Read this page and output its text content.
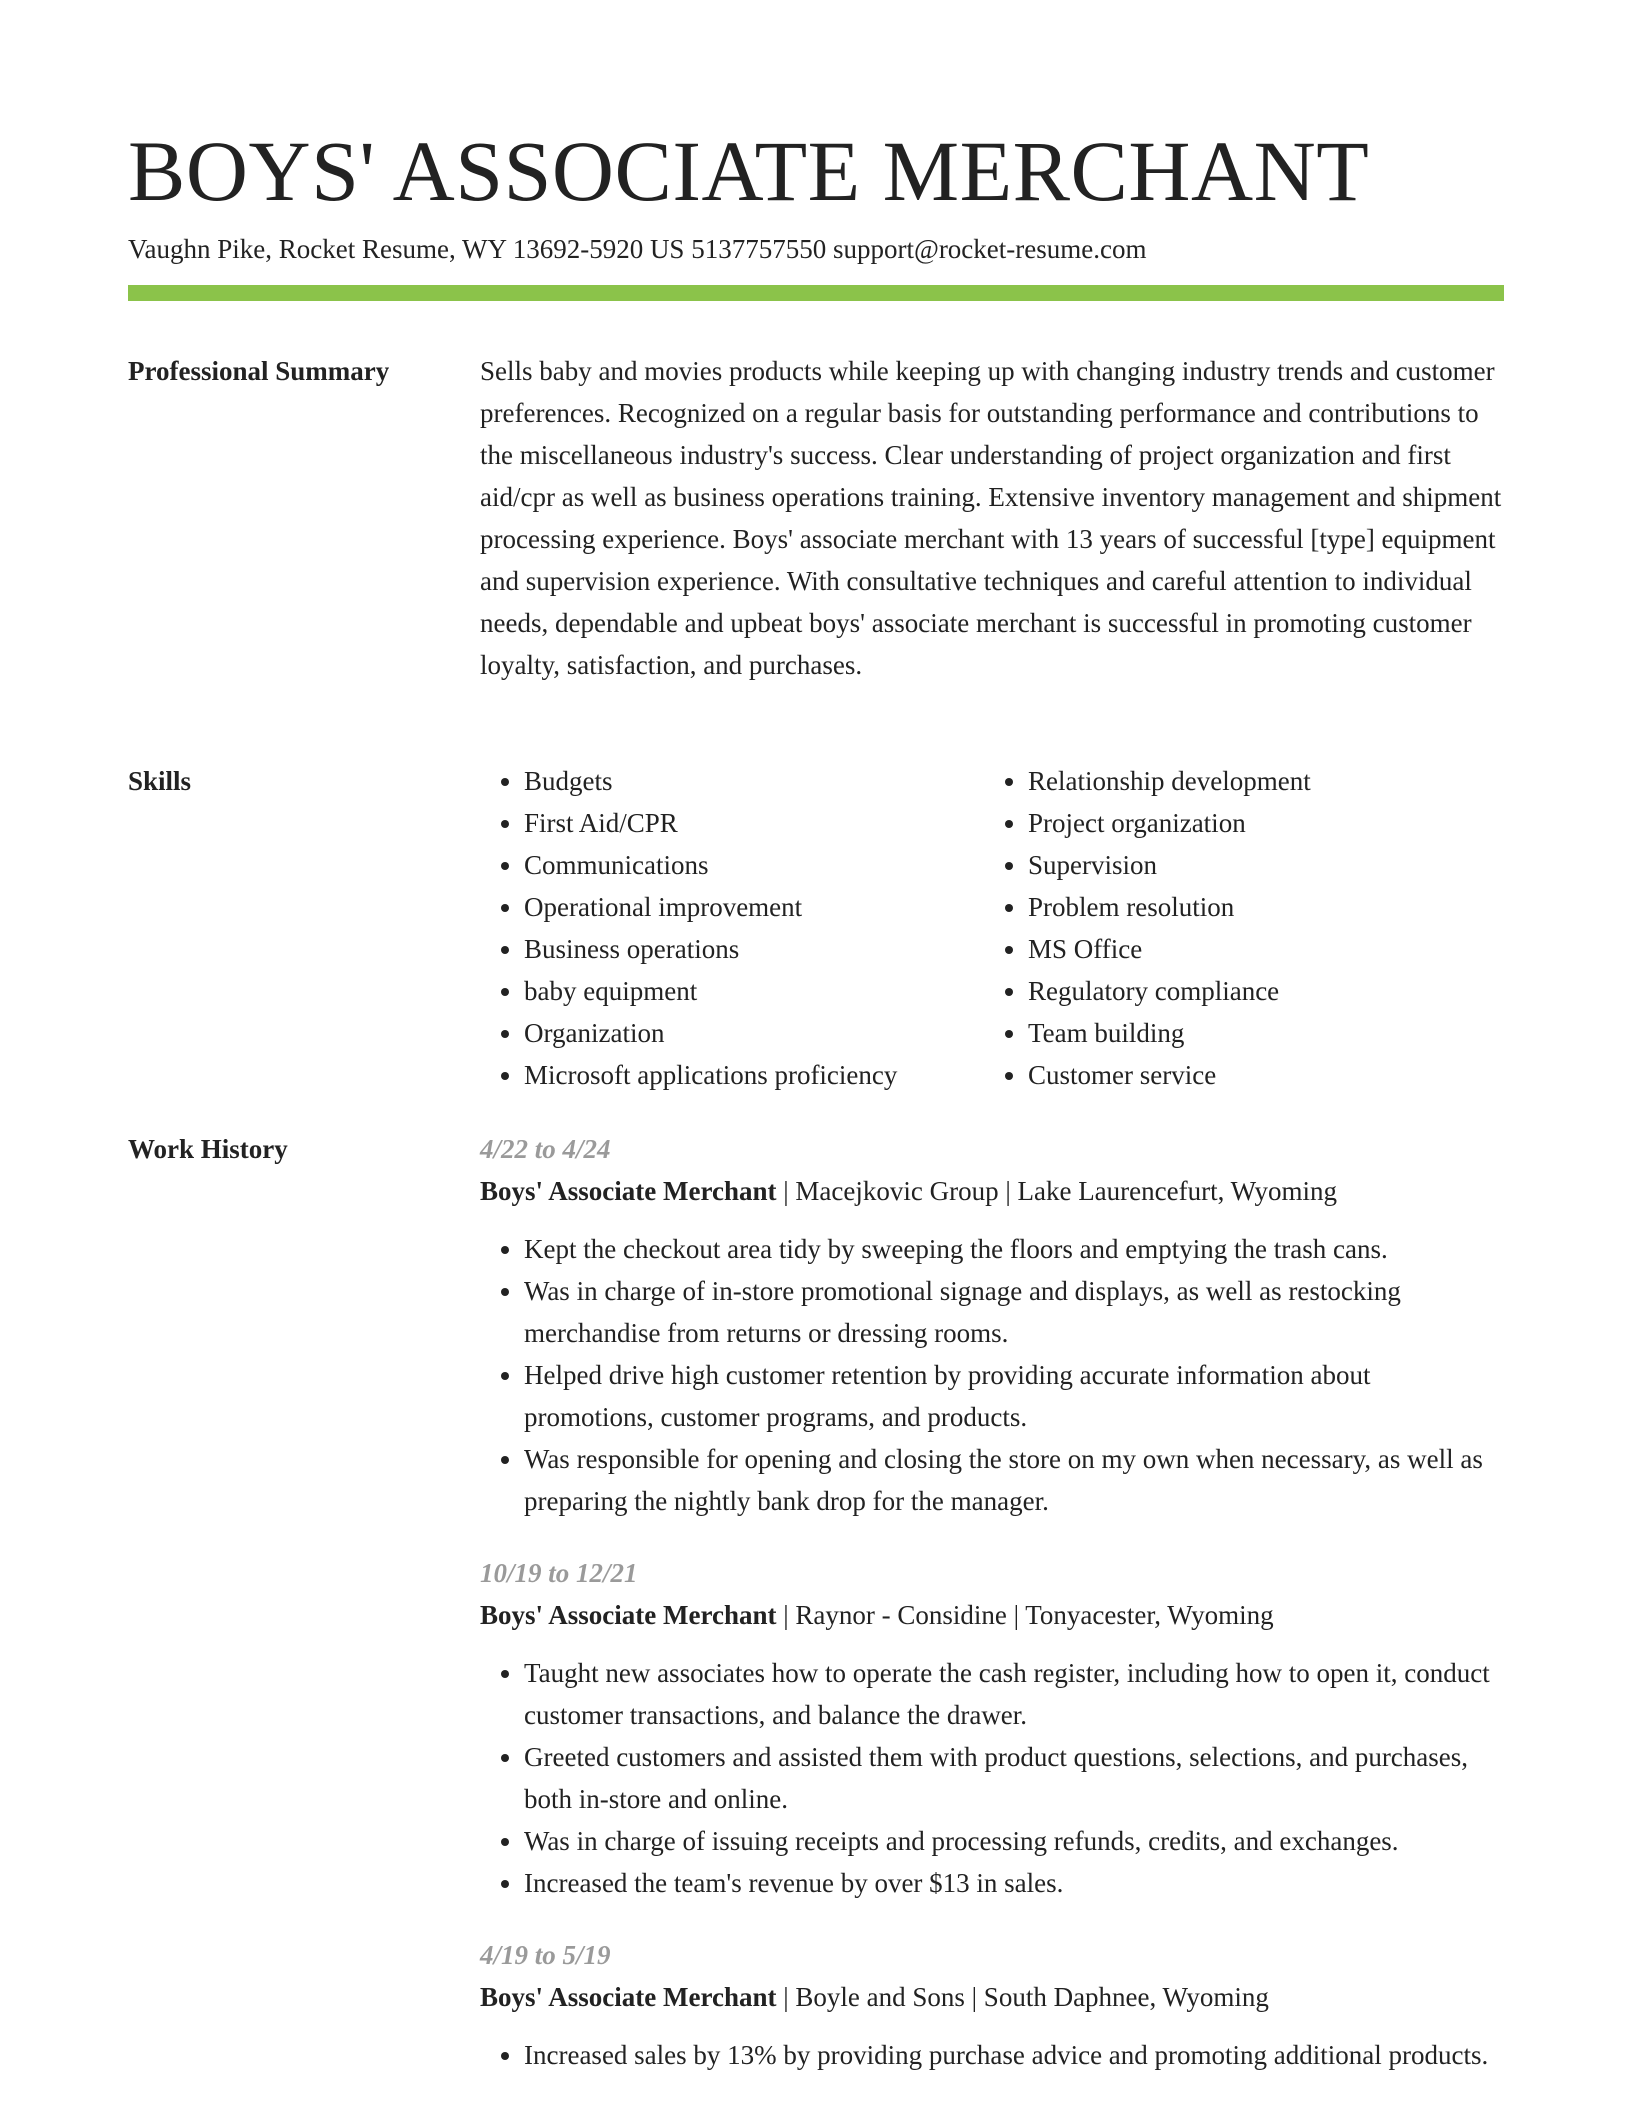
BOYS' ASSOCIATE MERCHANT
Vaughn Pike, Rocket Resume, WY 13692-5920 US 5137757550 support@rocket-resume.com
Professional Summary	Sells baby and movies products while keeping up with changing industry trends and customer preferences. Recognized on a regular basis for outstanding performance and contributions to the miscellaneous industry's success. Clear understanding of project organization and first aid/cpr as well as business operations training. Extensive inventory management and shipment processing experience. Boys' associate merchant with 13 years of successful [type] equipment and supervision experience. With consultative techniques and careful attention to individual needs, dependable and upbeat boys' associate merchant is successful in promoting customer loyalty, satisfaction, and purchases.

Skills
•	Budgets
• First Aid/CPR
• Communications
• Operational improvement
• Business operations
• baby equipment
• Organization
• Microsoft applications proficiency
• Relationship development
• Project organization
• Supervision
• Problem resolution
• MS Office
• Regulatory compliance
• Team building
• Customer service
Work History	4/22 to 4/24
Boys' Associate Merchant | Macejkovic Group | Lake Laurencefurt, Wyoming
• Kept the checkout area tidy by sweeping the floors and emptying the trash cans.
• Was in charge of in-store promotional signage and displays, as well as restocking merchandise from returns or dressing rooms.
• Helped drive high customer retention by providing accurate information about promotions, customer programs, and products.
• Was responsible for opening and closing the store on my own when necessary, as well as preparing the nightly bank drop for the manager.
10/19 to 12/21
Boys' Associate Merchant | Raynor - Considine | Tonyacester, Wyoming
• Taught new associates how to operate the cash register, including how to open it, conduct customer transactions, and balance the drawer.
• Greeted customers and assisted them with product questions, selections, and purchases, both in-store and online.
• Was in charge of issuing receipts and processing refunds, credits, and exchanges.
• Increased the team's revenue by over $13 in sales.
4/19 to 5/19
Boys' Associate Merchant | Boyle and Sons | South Daphnee, Wyoming
• Increased sales by 13% by providing purchase advice and promoting additional products.
